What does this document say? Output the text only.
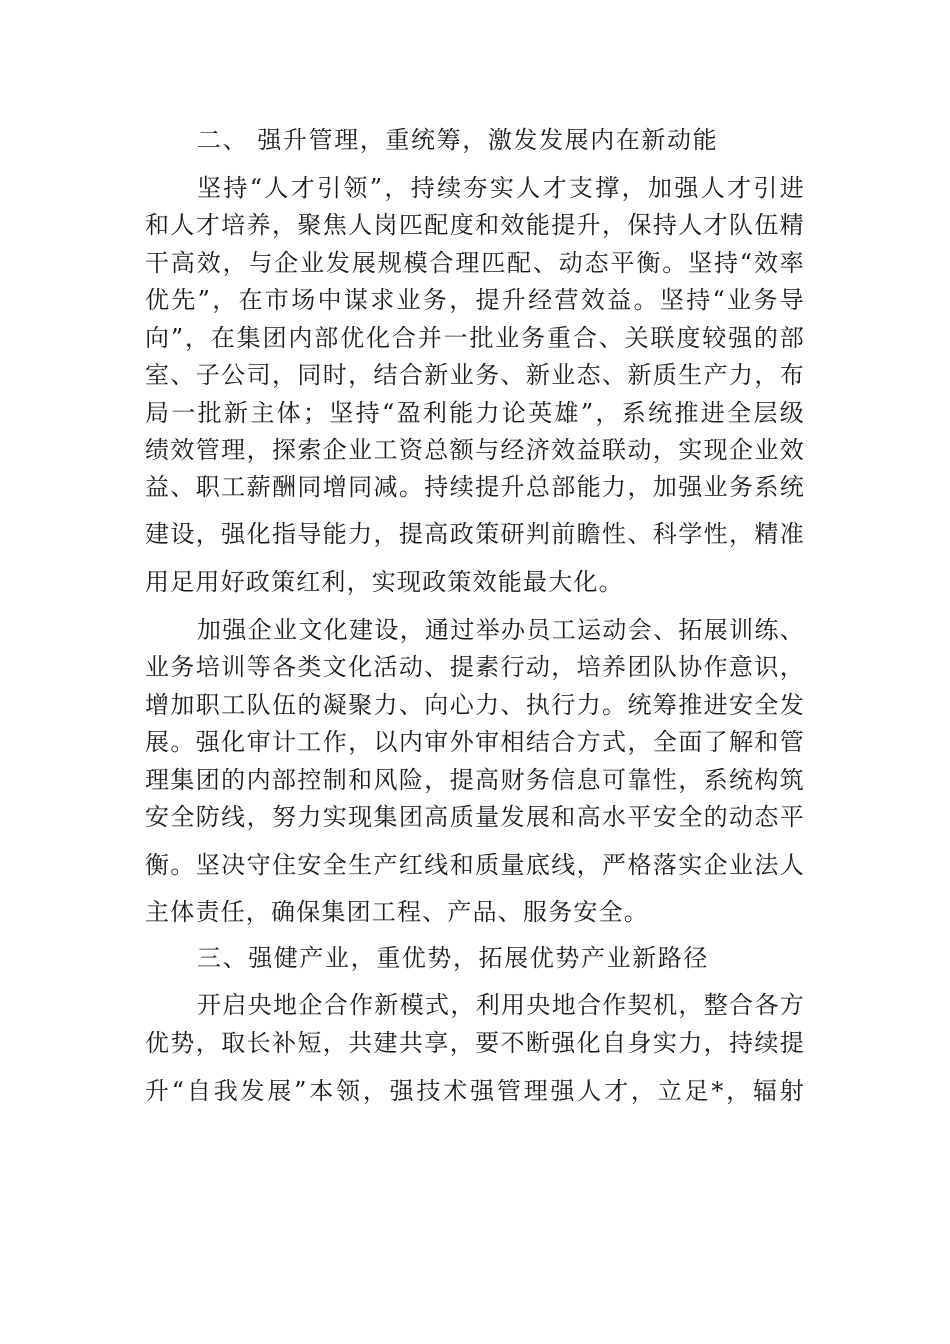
二、 强升管理，重统筹，激发发展内在新动能
坚持“人才引领”，持续夯实人才支撑，加强人才引进
和人才培养，聚焦人岗匹配度和效能提升，保持人才队伍精
干高效，与企业发展规模合理匹配、动态平衡。坚持“效率
优先”，在市场中谋求业务，提升经营效益。坚持“业务导
向”，在集团内部优化合并一批业务重合、关联度较强的部
室、子公司，同时，结合新业务、新业态、新质生产力，布
局一批新主体；坚持“盈利能力论英雄”，系统推进全层级
绩效管理，探索企业工资总额与经济效益联动，实现企业效
益、职工薪酬同增同减。持续提升总部能力，加强业务系统
建设，强化指导能力，提高政策研判前瞻性、科学性，精准
用足用好政策红利，实现政策效能最大化。
加强企业文化建设，通过举办员工运动会、拓展训练、
业务培训等各类文化活动、提素行动，培养团队协作意识，
增加职工队伍的凝聚力、向心力、执行力。统筹推进安全发
展。强化审计工作，以内审外审相结合方式，全面了解和管
理集团的内部控制和风险，提高财务信息可靠性，系统构筑
安全防线，努力实现集团高质量发展和高水平安全的动态平
衡。坚决守住安全生产红线和质量底线，严格落实企业法人
主体责任，确保集团工程、产品、服务安全。
三、强健产业，重优势，拓展优势产业新路径
开启央地企合作新模式，利用央地合作契机，整合各方
优势，取长补短，共建共享，要不断强化自身实力，持续提
升“自我发展”本领，强技术强管理强人才，立足*，辐射
